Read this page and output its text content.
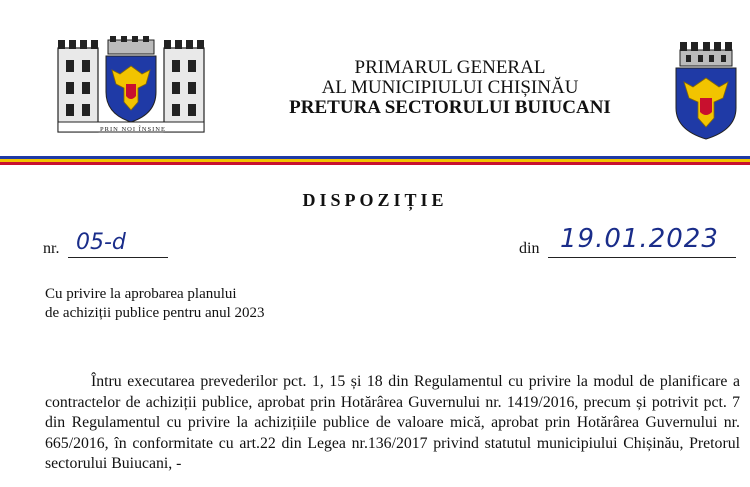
PRIN NOI ÎNȘINE
PRIMARUL GENERAL
AL MUNICIPIULUI CHIȘINĂU
PRETURA SECTORULUI BUIUCANI
DISPOZIȚIE
nr. 05-d	din 19.01.2023
Cu privire la aprobarea planului
de achiziții publice pentru anul 2023

Întru executarea prevederilor pct. 1, 15 și 18 din Regulamentul cu privire la modul de planificare a contractelor de achiziții publice, aprobat prin Hotărârea Guvernului nr. 1419/2016, precum și potrivit pct. 7 din Regulamentul cu privire la achizițiile publice de valoare mică, aprobat prin Hotărârea Guvernului nr. 665/2016, în conformitate cu art.22 din Legea nr.136/2017 privind statutul municipiului Chișinău, Pretorul sectorului Buiucani, -
